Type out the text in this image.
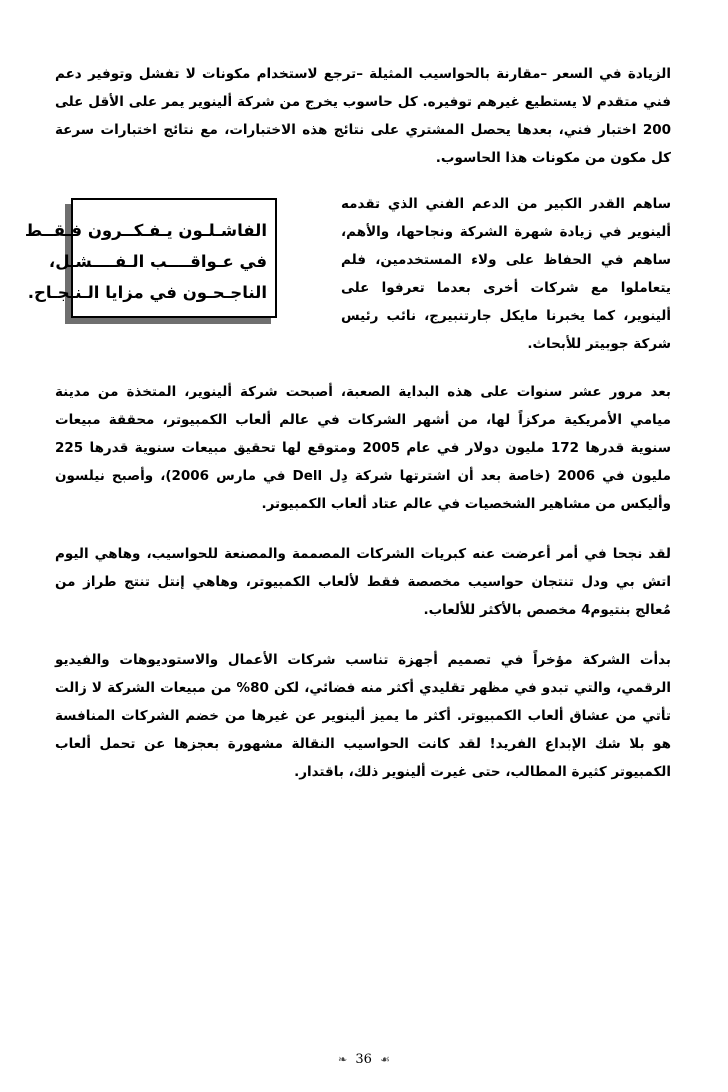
الزيادة في السعر –مقارنة بالحواسيب المثيلة –ترجع لاستخدام مكونات لا تفشل وتوفير دعم فني متقدم لا يستطيع غيرهم توفيره. كل حاسوب يخرج من شركة ألينوير يمر على الأقل على 200 اختبار فني، بعدها يحصل المشتري على نتائج هذه الاختبارات، مع نتائج اختبارات سرعة كل مكون من مكونات هذا الحاسوب.

ساهم القدر الكبير من الدعم الفني الذي تقدمه ألينوير في زيادة شهرة الشركة ونجاحها، والأهم، ساهم في الحفاظ على ولاء المستخدمين، فلم يتعاملوا مع شركات أخرى بعدما تعرفوا على ألينوير، كما يخبرنا مايكل جارتنبيرج، نائب رئيس شركة جوبيتر للأبحاث.

الفاشـلـون يـفـكــرون فـقــط
في عـواقــــب الـفــــشـل،
الناجـحـون في مزايا الـنـجـاح.

بعد مرور عشر سنوات على هذه البداية الصعبة، أصبحت شركة ألينوير، المتخذة من مدينة ميامي الأمريكية مركزاً لها، من أشهر الشركات في عالم ألعاب الكمبيوتر، محققة مبيعات سنوية قدرها 172 مليون دولار في عام 2005 ومتوقع لها تحقيق مبيعات سنوية قدرها 225 مليون في 2006 (خاصة بعد أن اشترتها شركة دِل Dell في مارس 2006)، وأصبح نيلسون وأليكس من مشاهير الشخصيات في عالم عتاد ألعاب الكمبيوتر.

لقد نجحا في أمر أعرضت عنه كبريات الشركات المصممة والمصنعة للحواسيب، وهاهي اليوم اتش بي ودل تنتجان حواسيب مخصصة فقط لألعاب الكمبيوتر، وهاهي إنتل تنتج طراز من مُعالج بنتيوم4 مخصص بالأكثر للألعاب.

بدأت الشركة مؤخراً في تصميم أجهزة تناسب شركات الأعمال والاستوديوهات والفيديو الرقمي، والتي تبدو في مظهر تقليدي أكثر منه فضائي، لكن 80% من مبيعات الشركة لا زالت تأتي من عشاق ألعاب الكمبيوتر. أكثر ما يميز ألينوير عن غيرها من خضم الشركات المنافسة هو بلا شك الإبداع الفريد! لقد كانت الحواسيب النقالة مشهورة بعجزها عن تحمل ألعاب الكمبيوتر كثيرة المطالب، حتى غيرت ألينوير ذلك، باقتدار.

❧ 36 ☙
